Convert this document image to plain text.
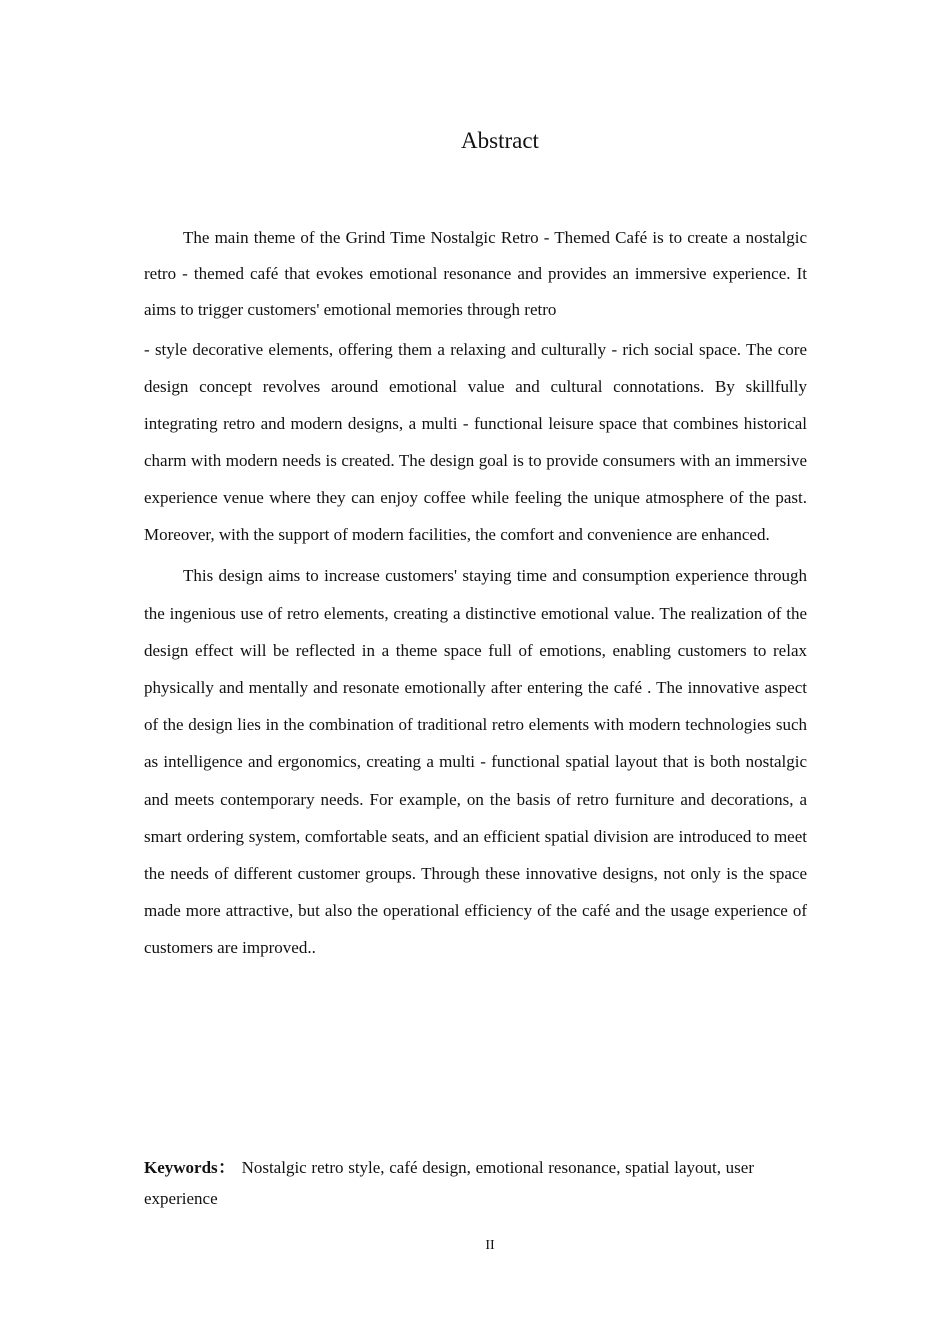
Abstract

The main theme of the Grind Time Nostalgic Retro - Themed Café is to create a nostalgic retro - themed café that evokes emotional resonance and provides an immersive experience. It aims to trigger customers' emotional memories through retro

- style decorative elements, offering them a relaxing and culturally - rich social space. The core design concept revolves around emotional value and cultural connotations. By skillfully integrating retro and modern designs, a multi - functional leisure space that combines historical charm with modern needs is created. The design goal is to provide consumers with an immersive experience venue where they can enjoy coffee while feeling the unique atmosphere of the past. Moreover, with the support of modern facilities, the comfort and convenience are enhanced.

This design aims to increase customers' staying time and consumption experience through the ingenious use of retro elements, creating a distinctive emotional value. The realization of the design effect will be reflected in a theme space full of emotions, enabling customers to relax physically and mentally and resonate emotionally after entering the café . The innovative aspect of the design lies in the combination of traditional retro elements with modern technologies such as intelligence and ergonomics, creating a multi - functional spatial layout that is both nostalgic and meets contemporary needs. For example, on the basis of retro furniture and decorations, a smart ordering system, comfortable seats, and an efficient spatial division are introduced to meet the needs of different customer groups. Through these innovative designs, not only is the space made more attractive, but also the operational efficiency of the café and the usage experience of customers are improved..

Keywords： Nostalgic retro style, café design, emotional resonance, spatial layout, user experience
II
